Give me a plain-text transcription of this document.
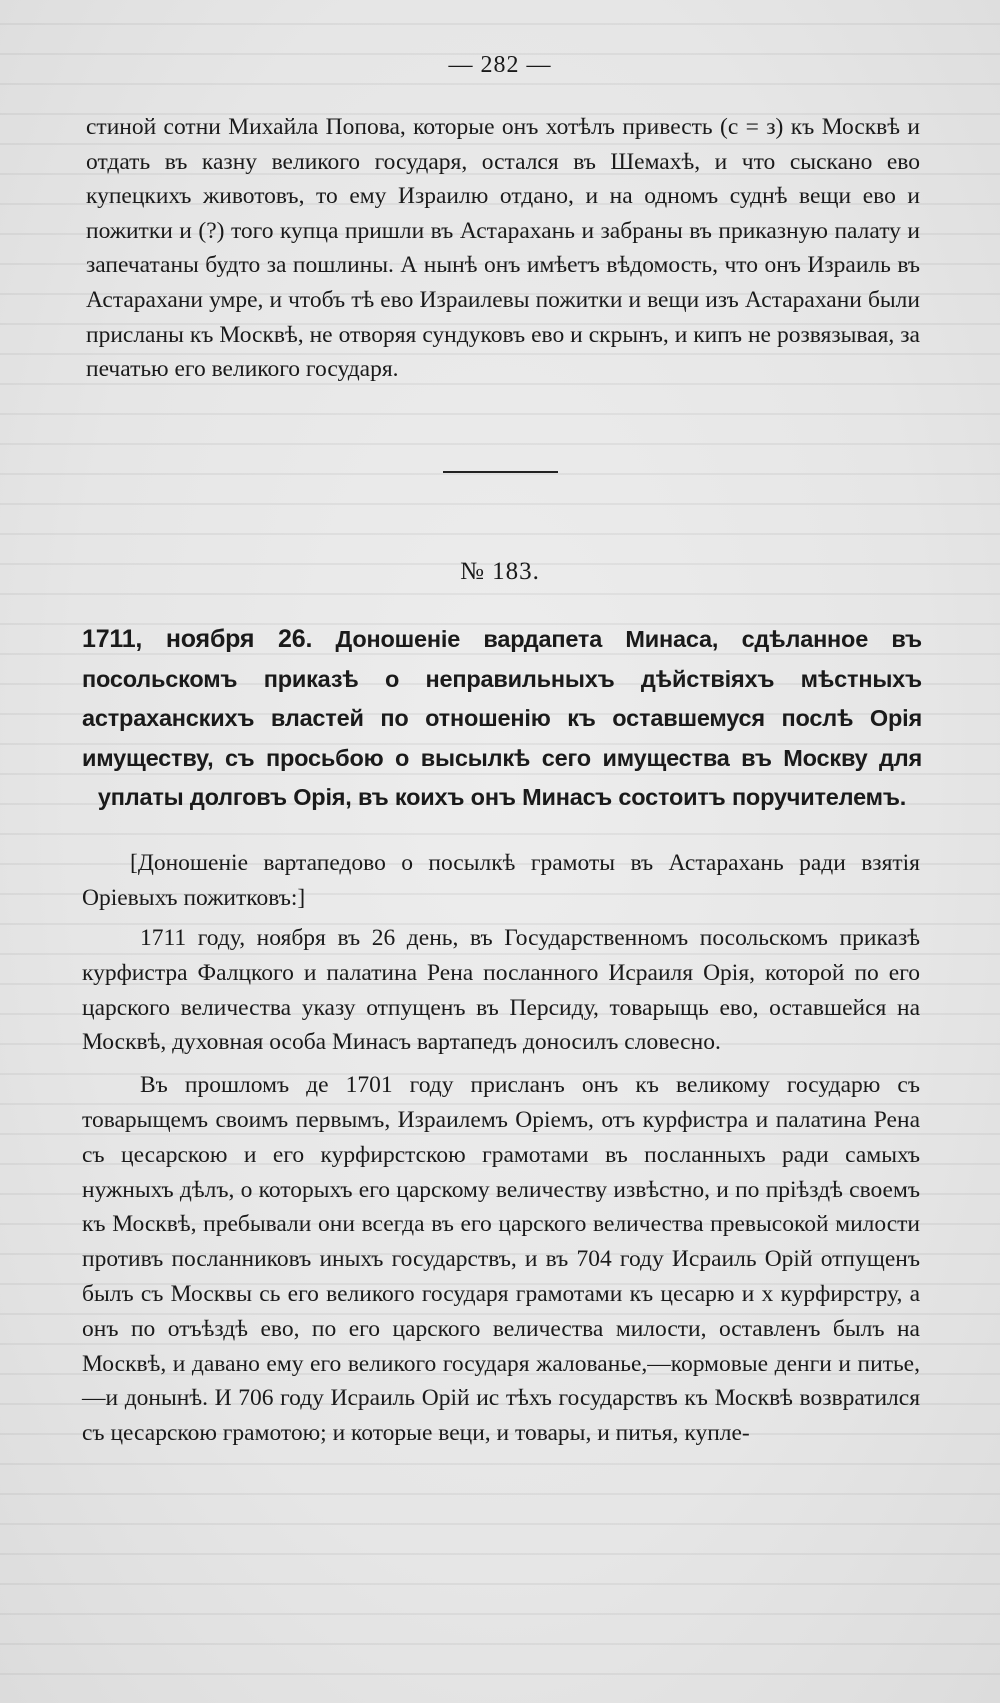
— 282 —

стиной сотни Михайла Попова, которые онъ хотѣлъ привесть (с = з) къ Москвѣ и отдать въ казну великого государя, остался въ Шемахѣ, и что сыскано ево купецкихъ животовъ, то ему Израилю отдано, и на одномъ суднѣ вещи ево и пожитки и (?) того купца пришли въ Астарахань и забраны въ приказную палату и запечатаны будто за пошлины. А нынѣ онъ имѣетъ вѣдомость, что онъ Израиль въ Астарахани умре, и чтобъ тѣ ево Израилевы пожитки и вещи изъ Астарахани были присланы къ Москвѣ, не отворяя сундуковъ ево и скрынъ, и кипъ не розвязывая, за печатью его великого государя.

№ 183.
1711, ноября 26. Доношеніе вардапета Минаса, сдѣланное въ посольскомъ приказѣ о неправильныхъ дѣйствіяхъ мѣстныхъ астраханскихъ властей по отношенію къ оставшемуся послѣ Орія имуществу, съ просьбою о высылкѣ сего имущества въ Москву для уплаты долговъ Орія, въ коихъ онъ Минасъ состоитъ поручителемъ.

[Доношеніе вартапедово о посылкѣ грамоты въ Астарахань ради взятія Оріевыхъ пожитковъ:]

1711 году, ноября въ 26 день, въ Государственномъ посольскомъ приказѣ курфистра Фалцкого и палатина Рена посланного Исраиля Орія, которой по его царского величества указу отпущенъ въ Персиду, товарыщь ево, оставшейся на Москвѣ, духовная особа Минасъ вартапедъ доносилъ словесно.

Въ прошломъ де 1701 году присланъ онъ къ великому государю съ товарыщемъ своимъ первымъ, Израилемъ Оріемъ, отъ курфистра и палатина Рена съ цесарскою и его курфирстскою грамотами въ посланныхъ ради самыхъ нужныхъ дѣлъ, о которыхъ его царскому величеству извѣстно, и по пріѣздѣ своемъ къ Москвѣ, пребывали они всегда въ его царского величества превысокой милости противъ посланниковъ иныхъ государствъ, и въ 704 году Исраиль Орій отпущенъ былъ съ Москвы сь его великого государя грамотами къ цесарю и х курфирстру, а онъ по отъѣздѣ ево, по его царского величества милости, оставленъ былъ на Москвѣ, и давано ему его великого государя жалованье,—кормовые денги и питье,—и донынѣ. И 706 году Исраиль Орій ис тѣхъ государствъ къ Москвѣ возвратился съ цесарскою грамотою; и которые веци, и товары, и питья, купле-
